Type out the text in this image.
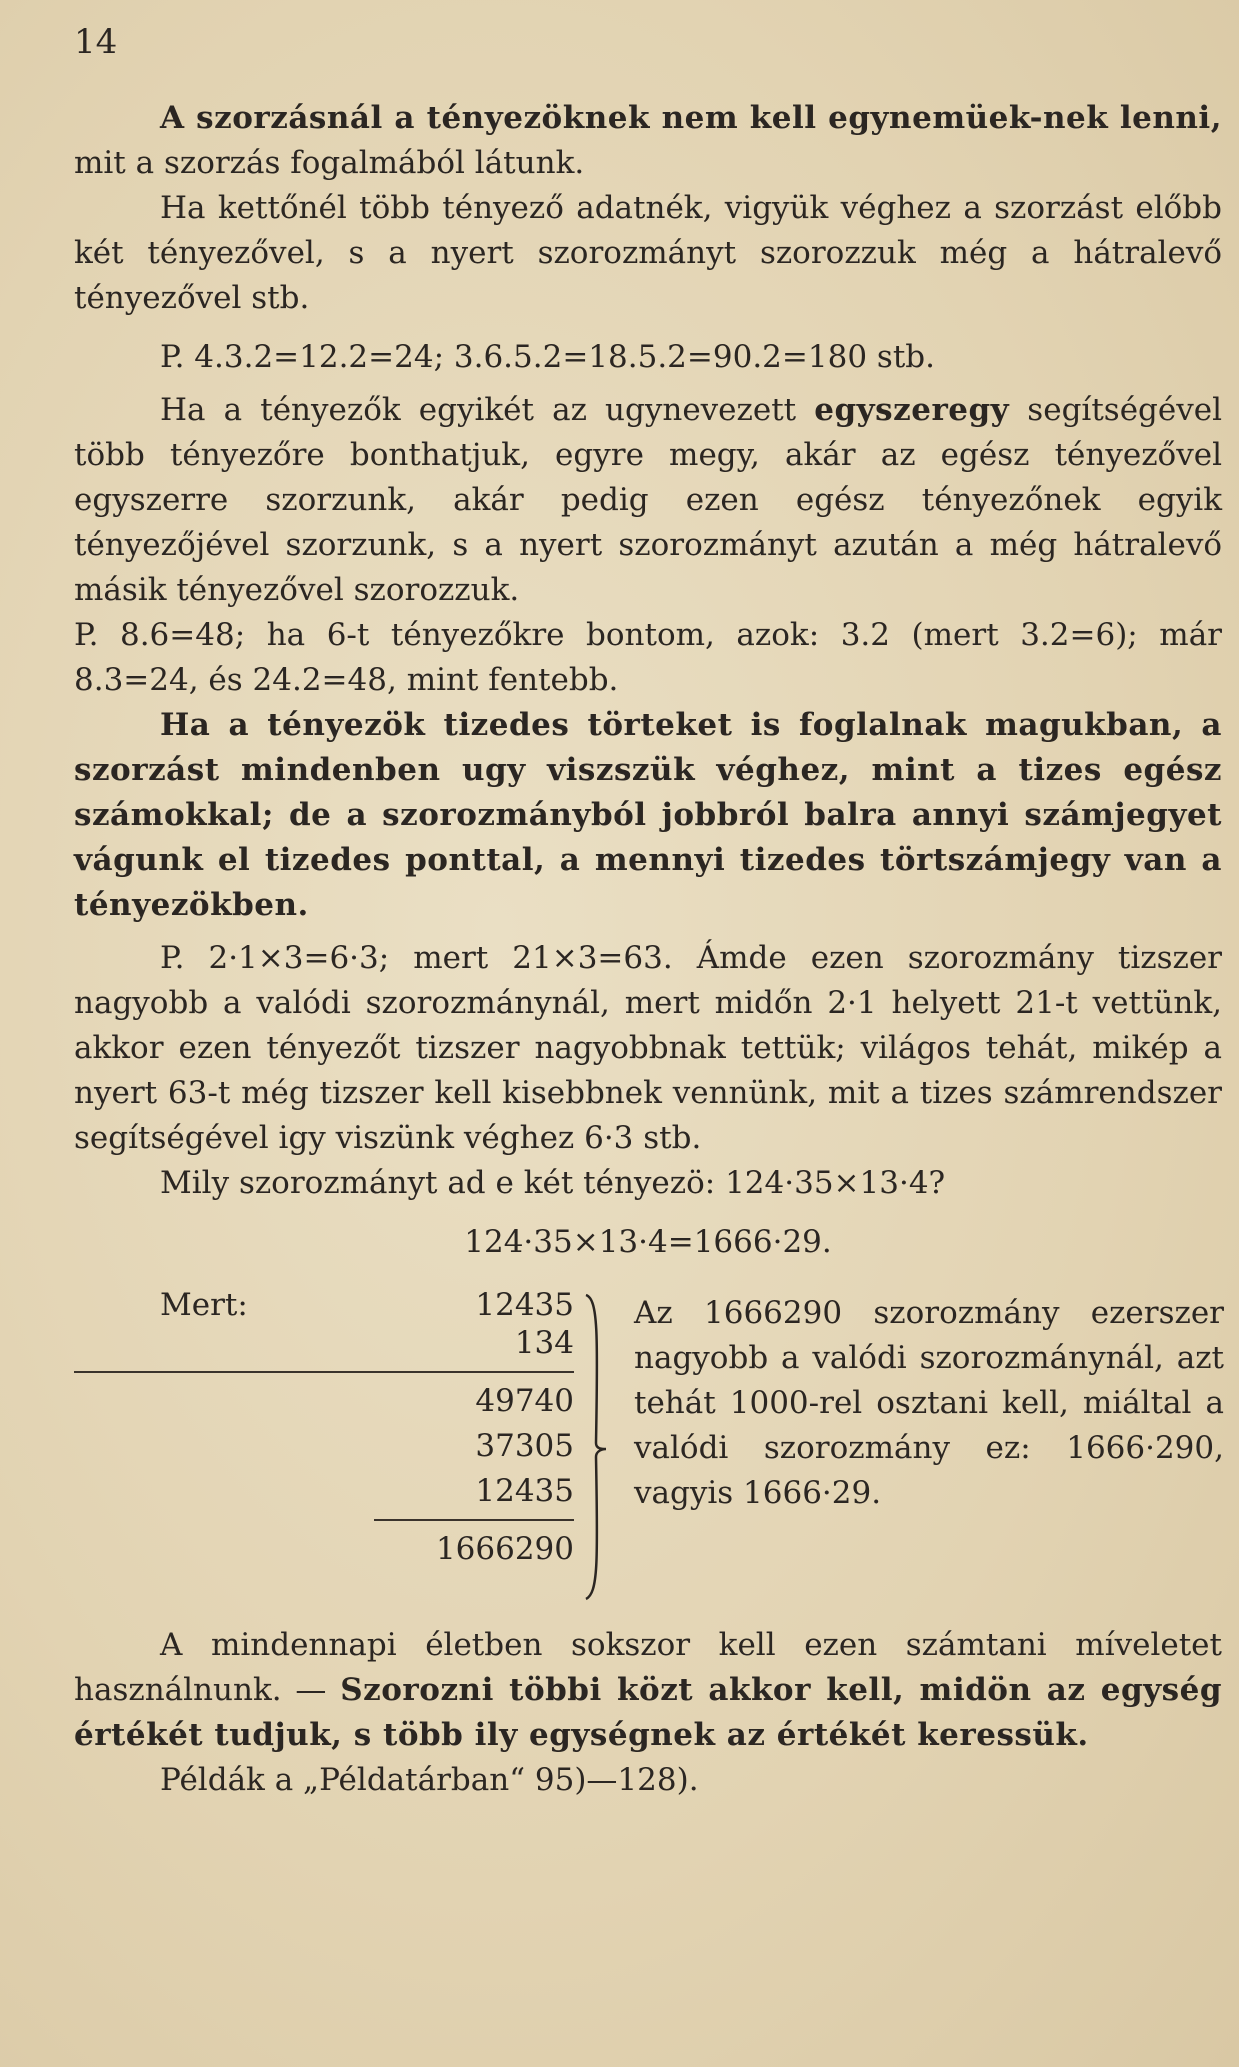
14

A szorzásnál a tényezöknek nem kell egynemüek-nek lenni, mit a szorzás fogalmából látunk.

Ha kettőnél több tényező adatnék, vigyük véghez a szorzást előbb két tényezővel, s a nyert szorozmányt szorozzuk még a hátralevő tényezővel stb.

P. 4.3.2=12.2=24; 3.6.5.2=18.5.2=90.2=180 stb.

Ha a tényezők egyikét az ugynevezett egyszeregy segítségével több tényezőre bonthatjuk, egyre megy, akár az egész tényezővel egyszerre szorzunk, akár pedig ezen egész tényezőnek egyik tényezőjével szorzunk, s a nyert szorozmányt azután a még hátralevő másik tényezővel szorozzuk.

P. 8.6=48; ha 6-t tényezőkre bontom, azok: 3.2 (mert 3.2=6); már 8.3=24, és 24.2=48, mint fentebb.

Ha a tényezök tizedes törteket is foglalnak magukban, a szorzást mindenben ugy viszszük véghez, mint a tizes egész számokkal; de a szorozmányból jobbról balra annyi számjegyet vágunk el tizedes ponttal, a mennyi tizedes törtszámjegy van a tényezökben.

P. 2·1×3=6·3; mert 21×3=63. Ámde ezen szorozmány tizszer nagyobb a valódi szorozmánynál, mert midőn 2·1 helyett 21-t vettünk, akkor ezen tényezőt tizszer nagyobbnak tettük; világos tehát, mikép a nyert 63-t még tizszer kell kisebbnek vennünk, mit a tizes számrendszer segítségével igy viszünk véghez 6·3 stb.

Mily szorozmányt ad e két tényezö: 124·35×13·4?

124·35×13·4=1666·29.

Mert:	12435
134
49740
37305
12435
1666290

Az 1666290 szorozmány ezerszer nagyobb a valódi szorozmánynál, azt tehát 1000-rel osztani kell, miáltal a valódi szorozmány ez: 1666·290, vagyis 1666·29.

A mindennapi életben sokszor kell ezen számtani míveletet használnunk. — Szorozni többi közt akkor kell, midön az egység értékét tudjuk, s több ily egységnek az értékét keressük.

Példák a „Példatárban“ 95)—128).
